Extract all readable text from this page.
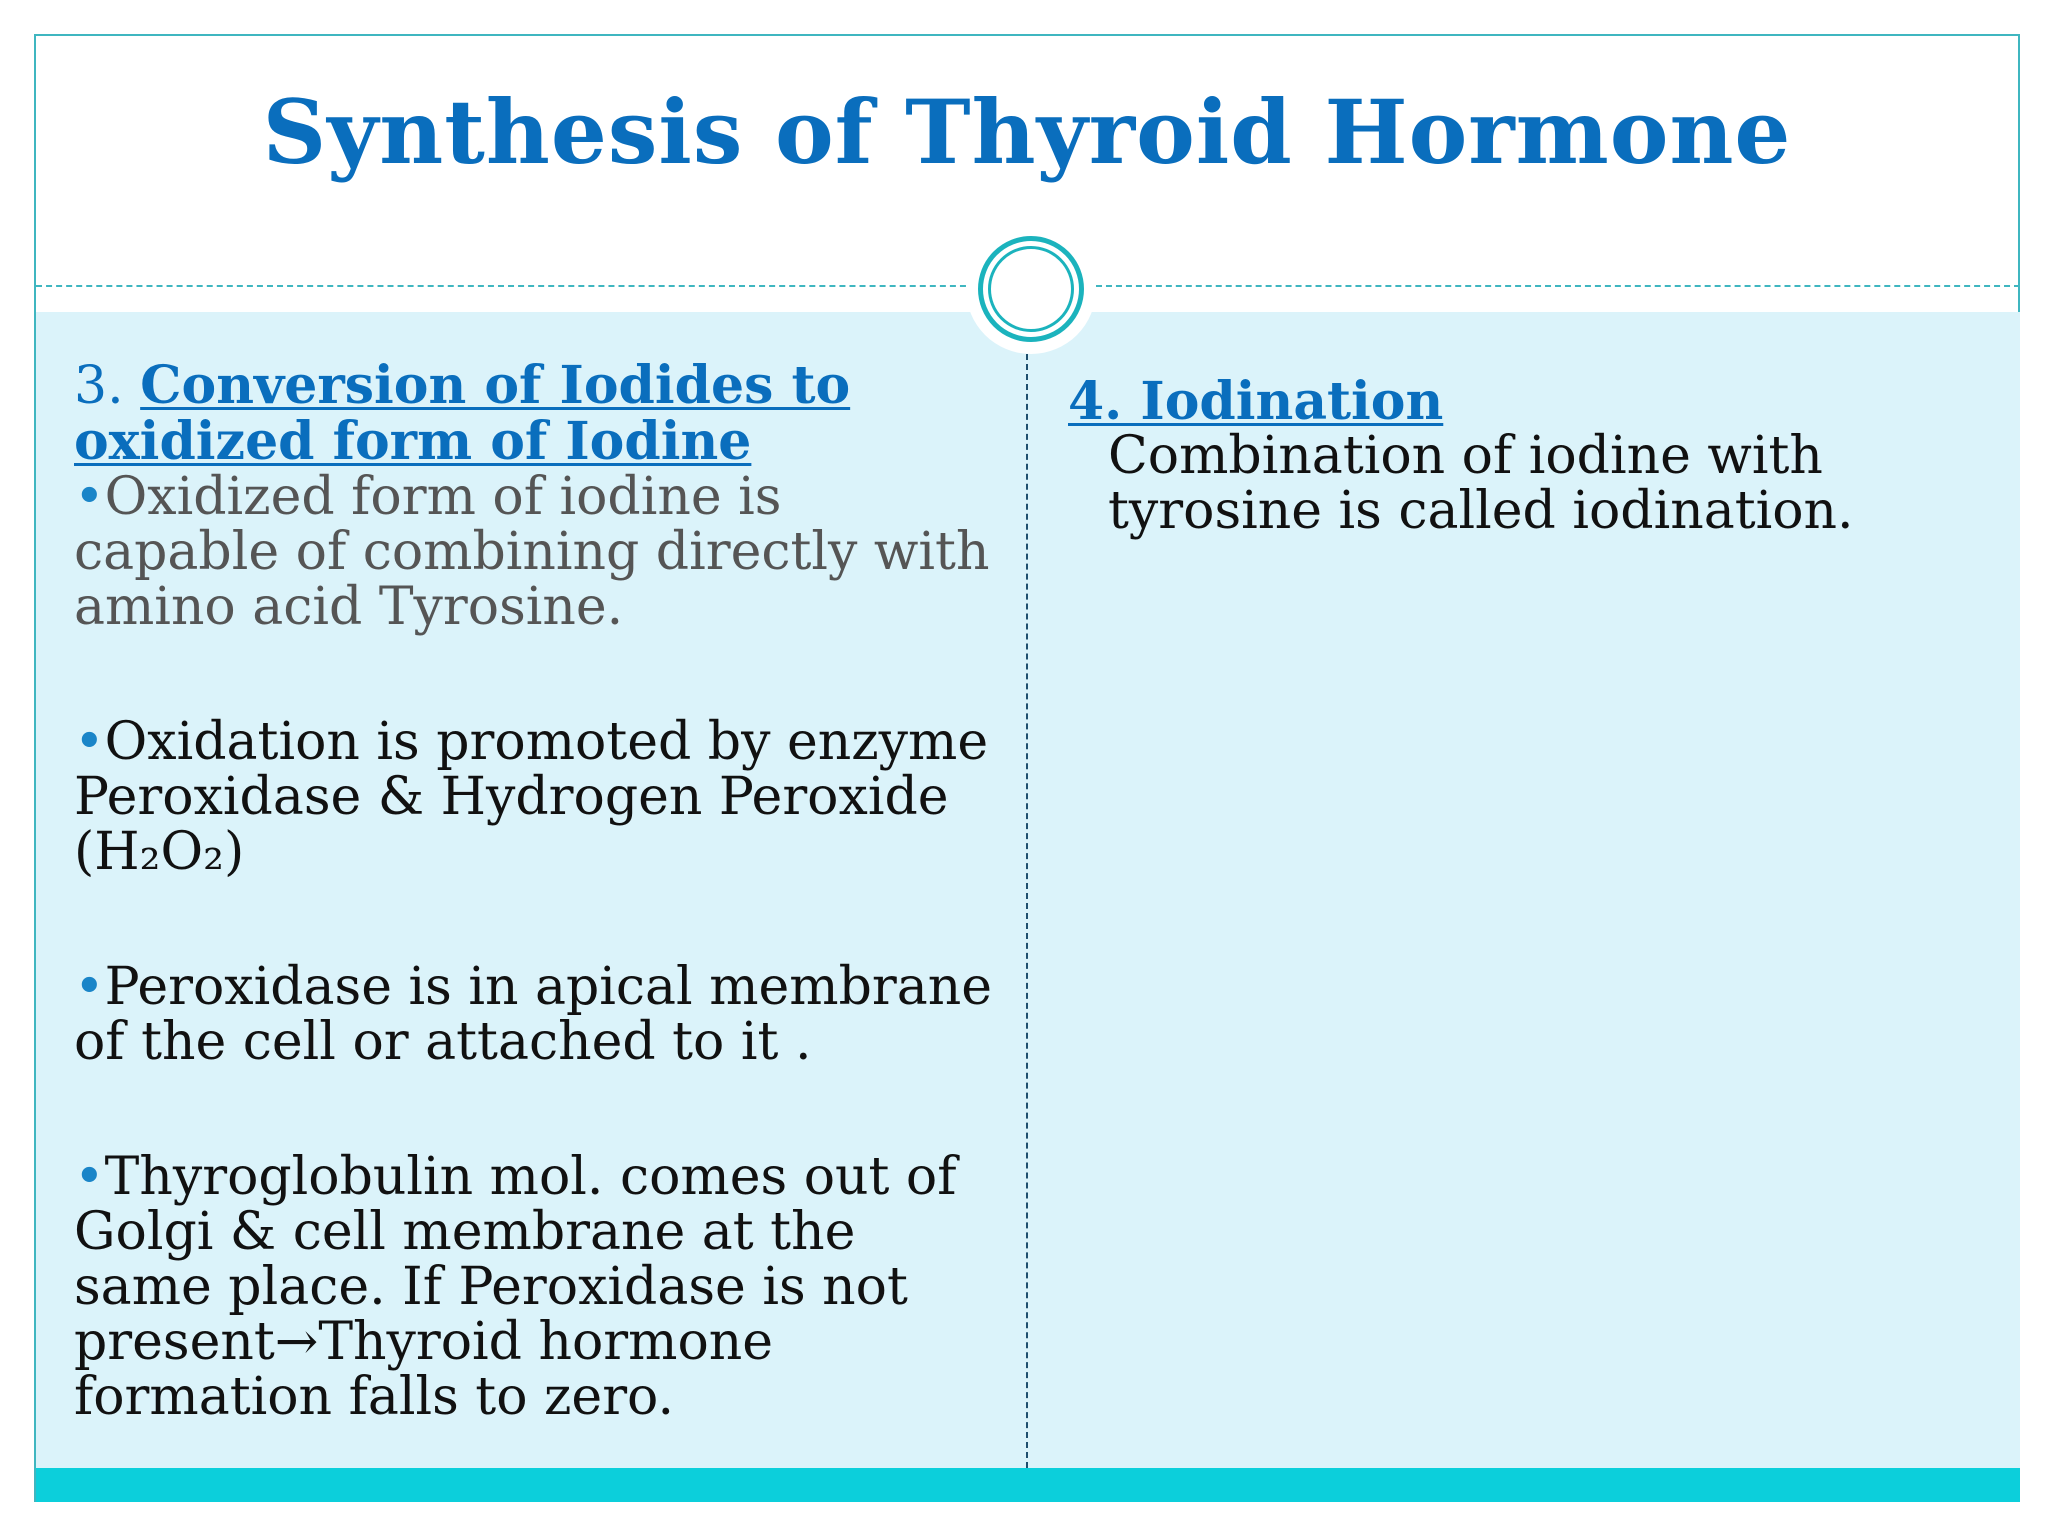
Synthesis of Thyroid Hormone
3. Conversion of Iodides to oxidized form of Iodine
•Oxidized form of iodine is capable of combining directly with amino acid Tyrosine.
•Oxidation is promoted by enzyme Peroxidase & Hydrogen Peroxide (H₂O₂)
•Peroxidase is in apical membrane of the cell or attached to it .
•Thyroglobulin mol. comes out of Golgi & cell membrane at the same place. If Peroxidase is not present→Thyroid hormone formation falls to zero.
4. Iodination
Combination of iodine with tyrosine is called iodination.
